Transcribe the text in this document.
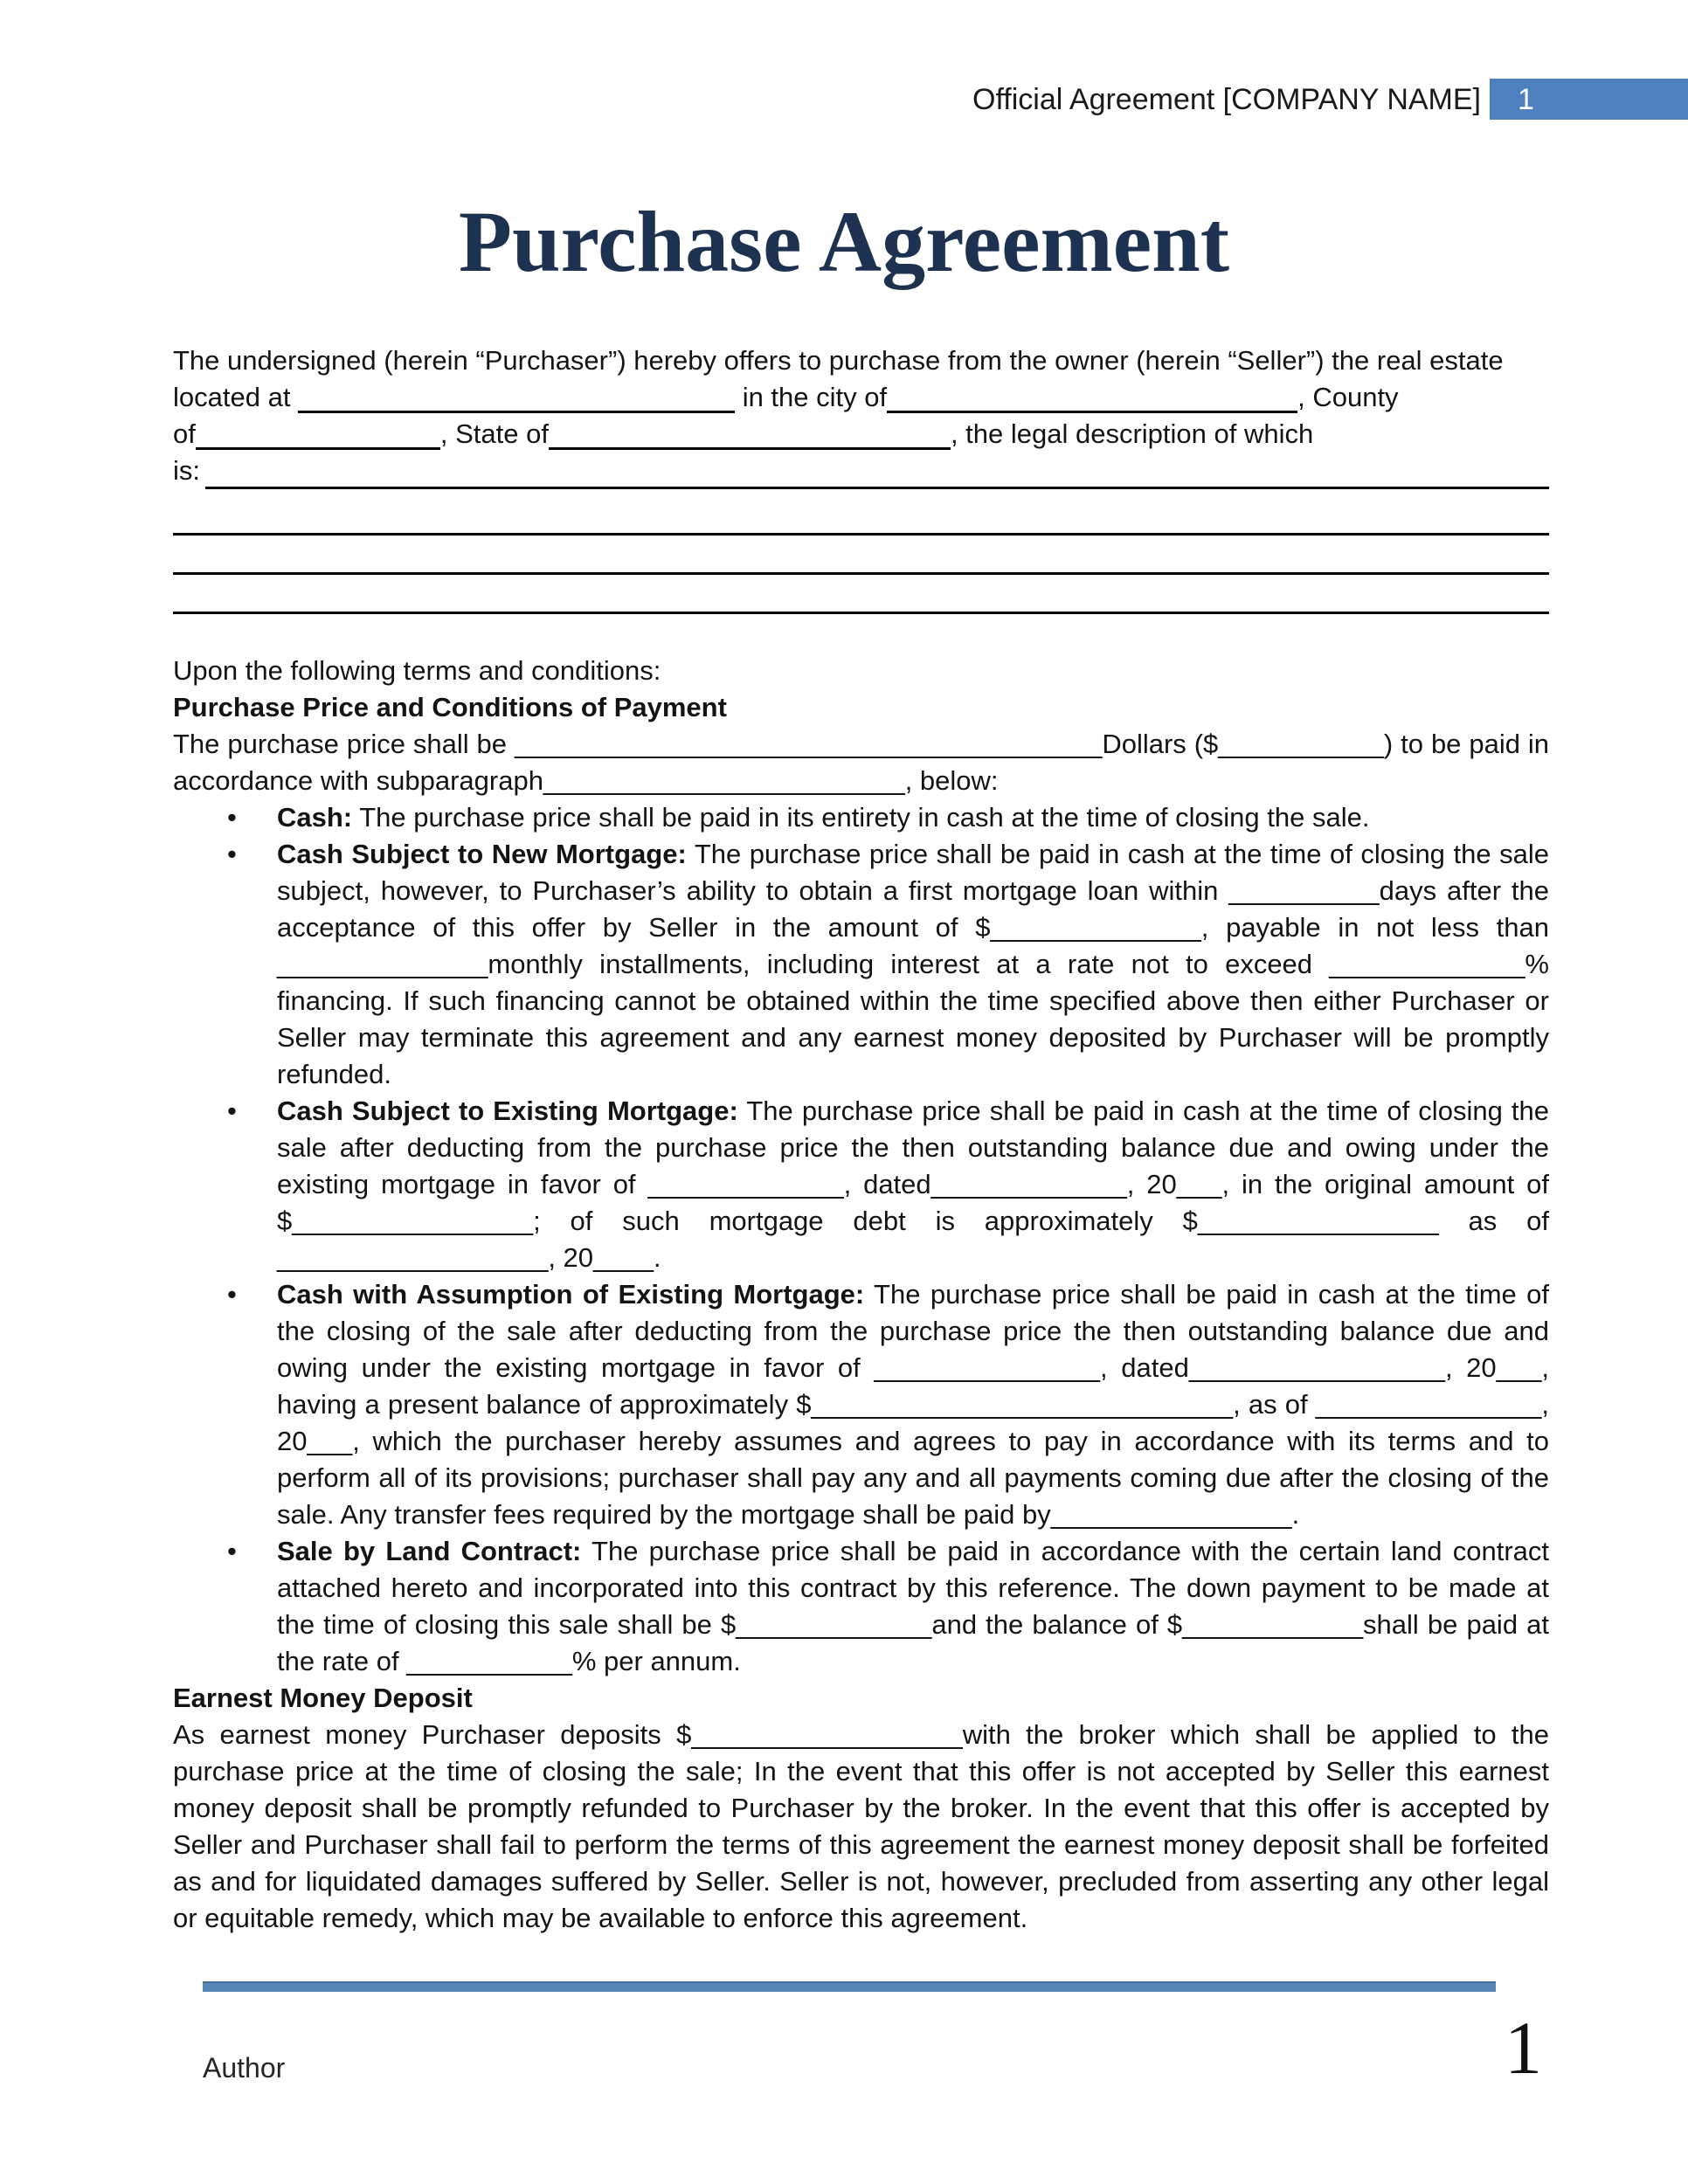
Official Agreement [COMPANY NAME] 1
Purchase Agreement
The undersigned (herein “Purchaser”) hereby offers to purchase from the owner (herein “Seller”) the real estate
located at	in the city of	, County
of	, State of	, the legal description of which
is:
Upon the following terms and conditions:
Purchase Price and Conditions of Payment
The purchase price shall be _______________________________________Dollars ($___________) to be paid in accordance with subparagraph________________________, below:
• Cash: The purchase price shall be paid in its entirety in cash at the time of closing the sale.
• Cash Subject to New Mortgage: The purchase price shall be paid in cash at the time of closing the sale subject, however, to Purchaser’s ability to obtain a first mortgage loan within __________days after the acceptance of this offer by Seller in the amount of $______________, payable in not less than ______________monthly installments, including interest at a rate not to exceed _____________% financing. If such financing cannot be obtained within the time specified above then either Purchaser or Seller may terminate this agreement and any earnest money deposited by Purchaser will be promptly refunded.
• Cash Subject to Existing Mortgage: The purchase price shall be paid in cash at the time of closing the sale after deducting from the purchase price the then outstanding balance due and owing under the existing mortgage in favor of _____________, dated_____________, 20___, in the original amount of $________________; of such mortgage debt is approximately $________________ as of __________________, 20____.
• Cash with Assumption of Existing Mortgage: The purchase price shall be paid in cash at the time of the closing of the sale after deducting from the purchase price the then outstanding balance due and owing under the existing mortgage in favor of _______________, dated_________________, 20___, having a present balance of approximately $____________________________, as of _______________, 20___, which the purchaser hereby assumes and agrees to pay in accordance with its terms and to perform all of its provisions; purchaser shall pay any and all payments coming due after the closing of the sale. Any transfer fees required by the mortgage shall be paid by________________.
• Sale by Land Contract: The purchase price shall be paid in accordance with the certain land contract attached hereto and incorporated into this contract by this reference. The down payment to be made at the time of closing this sale shall be $_____________and the balance of $____________shall be paid at the rate of ___________% per annum.
Earnest Money Deposit
As earnest money Purchaser deposits $__________________with the broker which shall be applied to the purchase price at the time of closing the sale; In the event that this offer is not accepted by Seller this earnest money deposit shall be promptly refunded to Purchaser by the broker. In the event that this offer is accepted by Seller and Purchaser shall fail to perform the terms of this agreement the earnest money deposit shall be forfeited as and for liquidated damages suffered by Seller. Seller is not, however, precluded from asserting any other legal or equitable remedy, which may be available to enforce this agreement.
Author	1
